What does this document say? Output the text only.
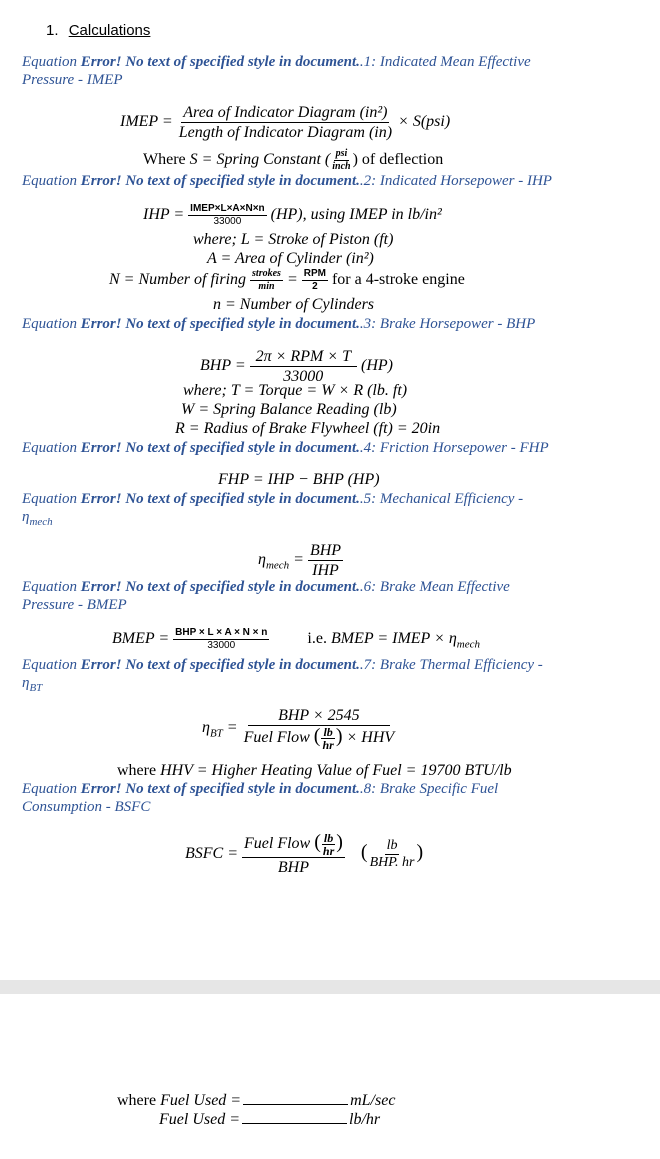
1. Calculations
Equation Error! No text of specified style in document..1: Indicated Mean Effective
Pressure - IMEP
IMEP = $\frac{\text{Area of Indicator Diagram (in²)}}{\text{Length of Indicator Diagram (in)}} \times S(psi)$
Where S = Spring Constant ( $\frac{\text{psi}}{\text{inch}}$ ) of deflection
Equation Error! No text of specified style in document..2: Indicated Horsepower - IHP
IHP = $\frac{\text{IMEP×L×A×N×n}}{33000} (HP)$, using IMEP in lb/in²
where; L = Stroke of Piston (ft)
A = Area of Cylinder (in²)
N = Number of firing $\frac{\text{strokes}}{\min} = \frac{\text{RPM}}{2}$ for a 4-stroke engine
n = Number of Cylinders
Equation Error! No text of specified style in document..3: Brake Horsepower - BHP
BHP = $\frac{\text{2π × RPM × T}}{33000} (HP)$
where; T = Torque = W × R (lb. ft)
W = Spring Balance Reading (lb)
R = Radius of Brake Flywheel (ft) = 20in
Equation Error! No text of specified style in document..4: Friction Horsepower - FHP
FHP = IHP − BHP (HP)
Equation Error! No text of specified style in document..5: Mechanical Efficiency -
$\eta_{mech}$
$\eta_{mech} = \frac{\text{BHP}}{\text{IHP}}$
Equation Error! No text of specified style in document..6: Brake Mean Effective
Pressure - BMEP
BMEP = $\frac{\text{BHP × L × A × N × n}}{33000} i.e$. BMEP = IMEP × $\eta_{mech}$
Equation Error! No text of specified style in document..7: Brake Thermal Efficiency -
$\eta_{BT}$
$\eta_{BT} = \frac{\text{BHP × 2545}}{Fuel Flow ( \frac{lb}{hr} ) \times HHV}$
where HHV = Higher Heating Value of Fuel = 19700 BTU/lb
Equation Error! No text of specified style in document..8: Brake Specific Fuel
Consumption - BSFC
BSFC = $\frac{Fuel Flow ( \frac{lb}{hr} )}{\text{BHP}}$ ( $\frac{lb}{\text{BHP. hr}}$ )
where Fuel Used =	mL/sec
Fuel Used =	lb/hr
